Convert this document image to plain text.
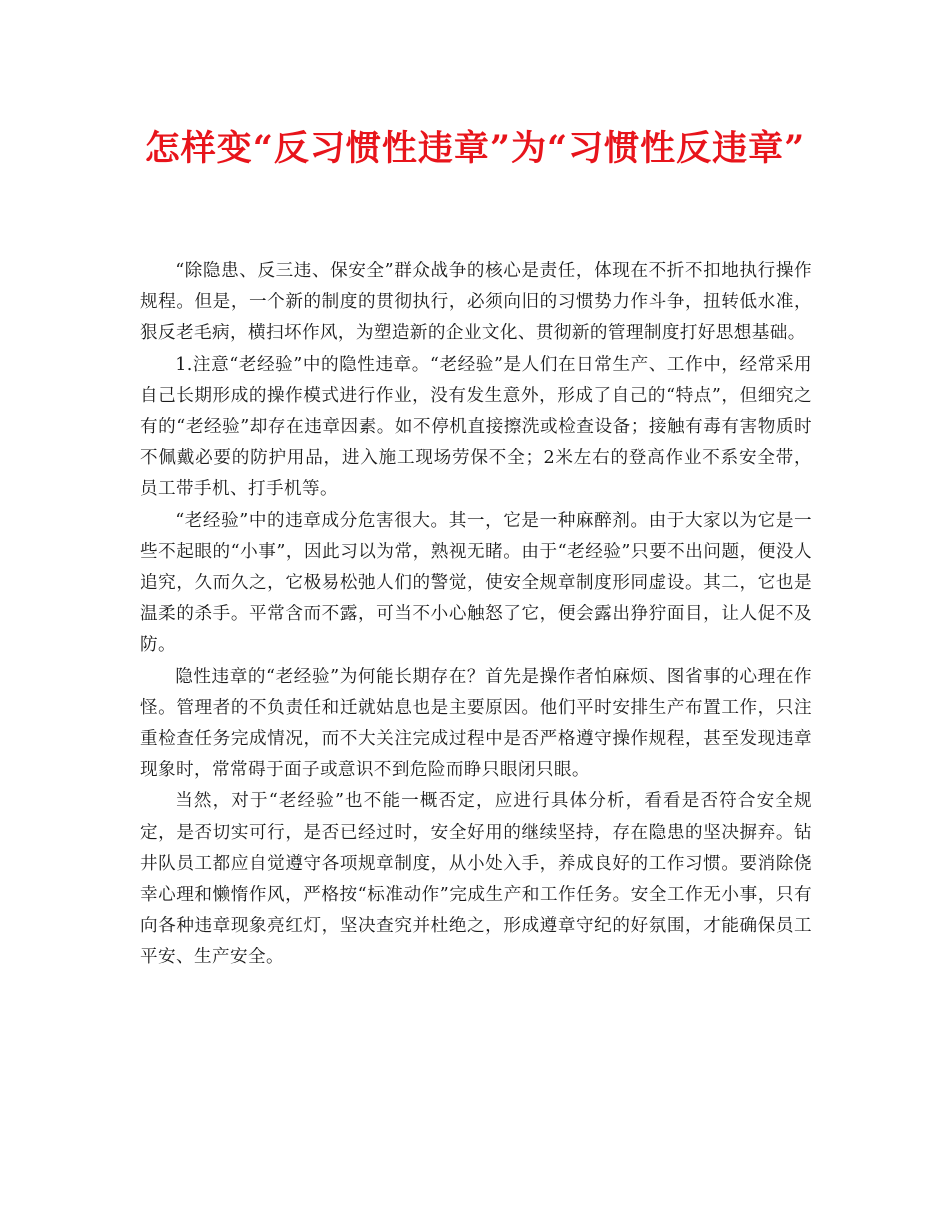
怎样变“反习惯性违章”为“习惯性反违章”

“除隐患、反三违、保安全”群众战争的核心是责任，体现在不折不扣地执行操作规程。但是，一个新的制度的贯彻执行，必须向旧的习惯势力作斗争，扭转低水准，狠反老毛病，横扫坏作风，为塑造新的企业文化、贯彻新的管理制度打好思想基础。

1.注意“老经验”中的隐性违章。“老经验”是人们在日常生产、工作中，经常采用自己长期形成的操作模式进行作业，没有发生意外，形成了自己的“特点”，但细究之有的“老经验”却存在违章因素。如不停机直接擦洗或检查设备；接触有毒有害物质时不佩戴必要的防护用品，进入施工现场劳保不全；2米左右的登高作业不系安全带，员工带手机、打手机等。

“老经验”中的违章成分危害很大。其一，它是一种麻醉剂。由于大家以为它是一些不起眼的“小事”，因此习以为常，熟视无睹。由于“老经验”只要不出问题，便没人追究，久而久之，它极易松弛人们的警觉，使安全规章制度形同虚设。其二，它也是温柔的杀手。平常含而不露，可当不小心触怒了它，便会露出狰狞面目，让人促不及防。

隐性违章的“老经验”为何能长期存在？首先是操作者怕麻烦、图省事的心理在作怪。管理者的不负责任和迁就姑息也是主要原因。他们平时安排生产布置工作，只注重检查任务完成情况，而不大关注完成过程中是否严格遵守操作规程，甚至发现违章现象时，常常碍于面子或意识不到危险而睁只眼闭只眼。

当然，对于“老经验”也不能一概否定，应进行具体分析，看看是否符合安全规定，是否切实可行，是否已经过时，安全好用的继续坚持，存在隐患的坚决摒弃。钻井队员工都应自觉遵守各项规章制度，从小处入手，养成良好的工作习惯。要消除侥幸心理和懒惰作风，严格按“标准动作”完成生产和工作任务。安全工作无小事，只有向各种违章现象亮红灯，坚决查究并杜绝之，形成遵章守纪的好氛围，才能确保员工平安、生产安全。
